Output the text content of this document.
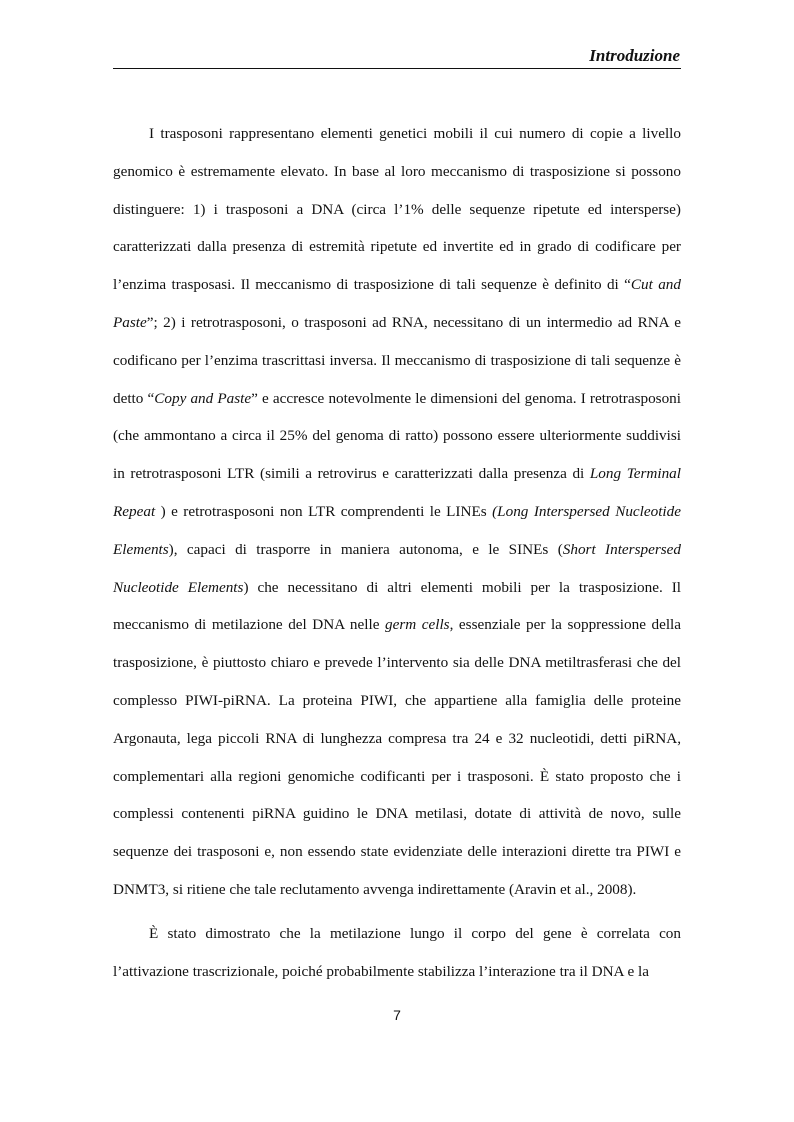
Introduzione

I trasposoni rappresentano elementi genetici mobili il cui numero di copie a livello genomico è estremamente elevato. In base al loro meccanismo di trasposizione si possono distinguere: 1) i trasposoni a DNA (circa l’1% delle sequenze ripetute ed intersperse) caratterizzati dalla presenza di estremità ripetute ed invertite ed in grado di codificare per l’enzima trasposasi. Il meccanismo di trasposizione di tali sequenze è definito di “Cut and Paste”; 2) i retrotrasposoni, o trasposoni ad RNA, necessitano di un intermedio ad RNA e codificano per l’enzima trascrittasi inversa. Il meccanismo di trasposizione di tali sequenze è detto “Copy and Paste” e accresce notevolmente le dimensioni del genoma. I retrotrasposoni (che ammontano a circa il 25% del genoma di ratto) possono essere ulteriormente suddivisi in retrotrasposoni LTR (simili a retrovirus e caratterizzati dalla presenza di Long Terminal Repeat ) e retrotrasposoni non LTR comprendenti le LINEs (Long Interspersed Nucleotide Elements), capaci di trasporre in maniera autonoma, e le SINEs (Short Interspersed Nucleotide Elements) che necessitano di altri elementi mobili per la trasposizione. Il meccanismo di metilazione del DNA nelle germ cells, essenziale per la soppressione della trasposizione, è piuttosto chiaro e prevede l’intervento sia delle DNA metiltrasferasi che del complesso PIWI-piRNA. La proteina PIWI, che appartiene alla famiglia delle proteine Argonauta, lega piccoli RNA di lunghezza compresa tra 24 e 32 nucleotidi, detti piRNA, complementari alla regioni genomiche codificanti per i trasposoni. È stato proposto che i complessi contenenti piRNA guidino le DNA metilasi, dotate di attività de novo, sulle sequenze dei trasposoni e, non essendo state evidenziate delle interazioni dirette tra PIWI e DNMT3, si ritiene che tale reclutamento avvenga indirettamente (Aravin et al., 2008).

È stato dimostrato che la metilazione lungo il corpo del gene è correlata con l’attivazione trascrizionale, poiché probabilmente stabilizza l’interazione tra il DNA e la

7
